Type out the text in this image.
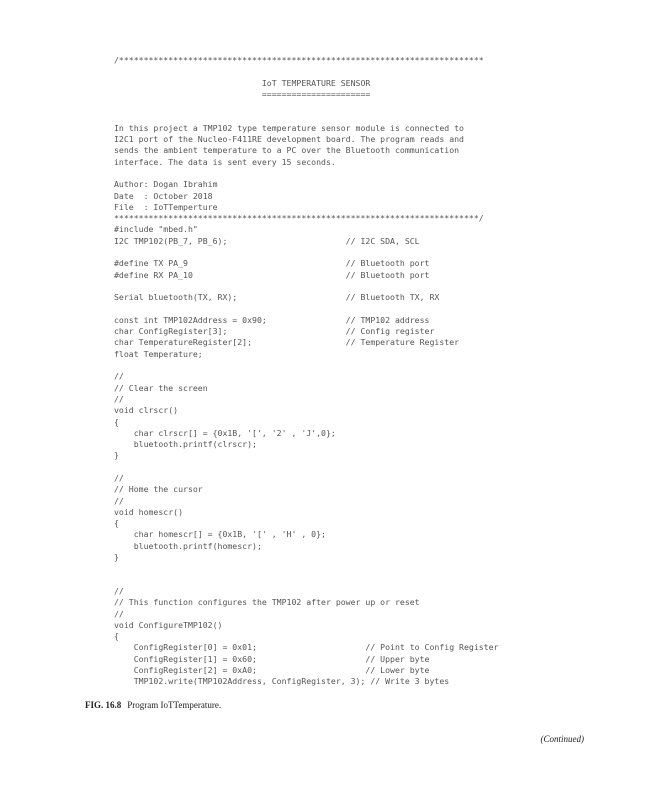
/**************************************************************************
IoT TEMPERATURE SENSOR
======================
In this project a TMP102 type temperature sensor module is connected to
I2C1 port of the Nucleo-F411RE development board. The program reads and
sends the ambient temperature to a PC over the Bluetooth communication
interface. The data is sent every 15 seconds.
Author: Dogan Ibrahim
Date  : October 2018
File  : IoTTemperture
**************************************************************************/
#include "mbed.h"
I2C TMP102(PB_7, PB_6);                        // I2C SDA, SCL
#define TX PA_9                                // Bluetooth port
#define RX PA_10                               // Bluetooth port
Serial bluetooth(TX, RX);                      // Bluetooth TX, RX
const int TMP102Address = 0x90;                // TMP102 address
char ConfigRegister[3];                        // Config register
char TemperatureRegister[2];                   // Temperature Register
float Temperature;
//
// Clear the screen
//
void clrscr()
{
char clrscr[] = {0x1B, '[', '2' , 'J',0};
bluetooth.printf(clrscr);
}
//
// Home the cursor
//
void homescr()
{
char homescr[] = {0x1B, '[' , 'H' , 0};
bluetooth.printf(homescr);
}
//
// This function configures the TMP102 after power up or reset
//
void ConfigureTMP102()
{
ConfigRegister[0] = 0x01;                      // Point to Config Register
ConfigRegister[1] = 0x60;                      // Upper byte
ConfigRegister[2] = 0xA0;                      // Lower byte
TMP102.write(TMP102Address, ConfigRegister, 3); // Write 3 bytes
FIG. 16.8 Program IoTTemperature.
(Continued)
